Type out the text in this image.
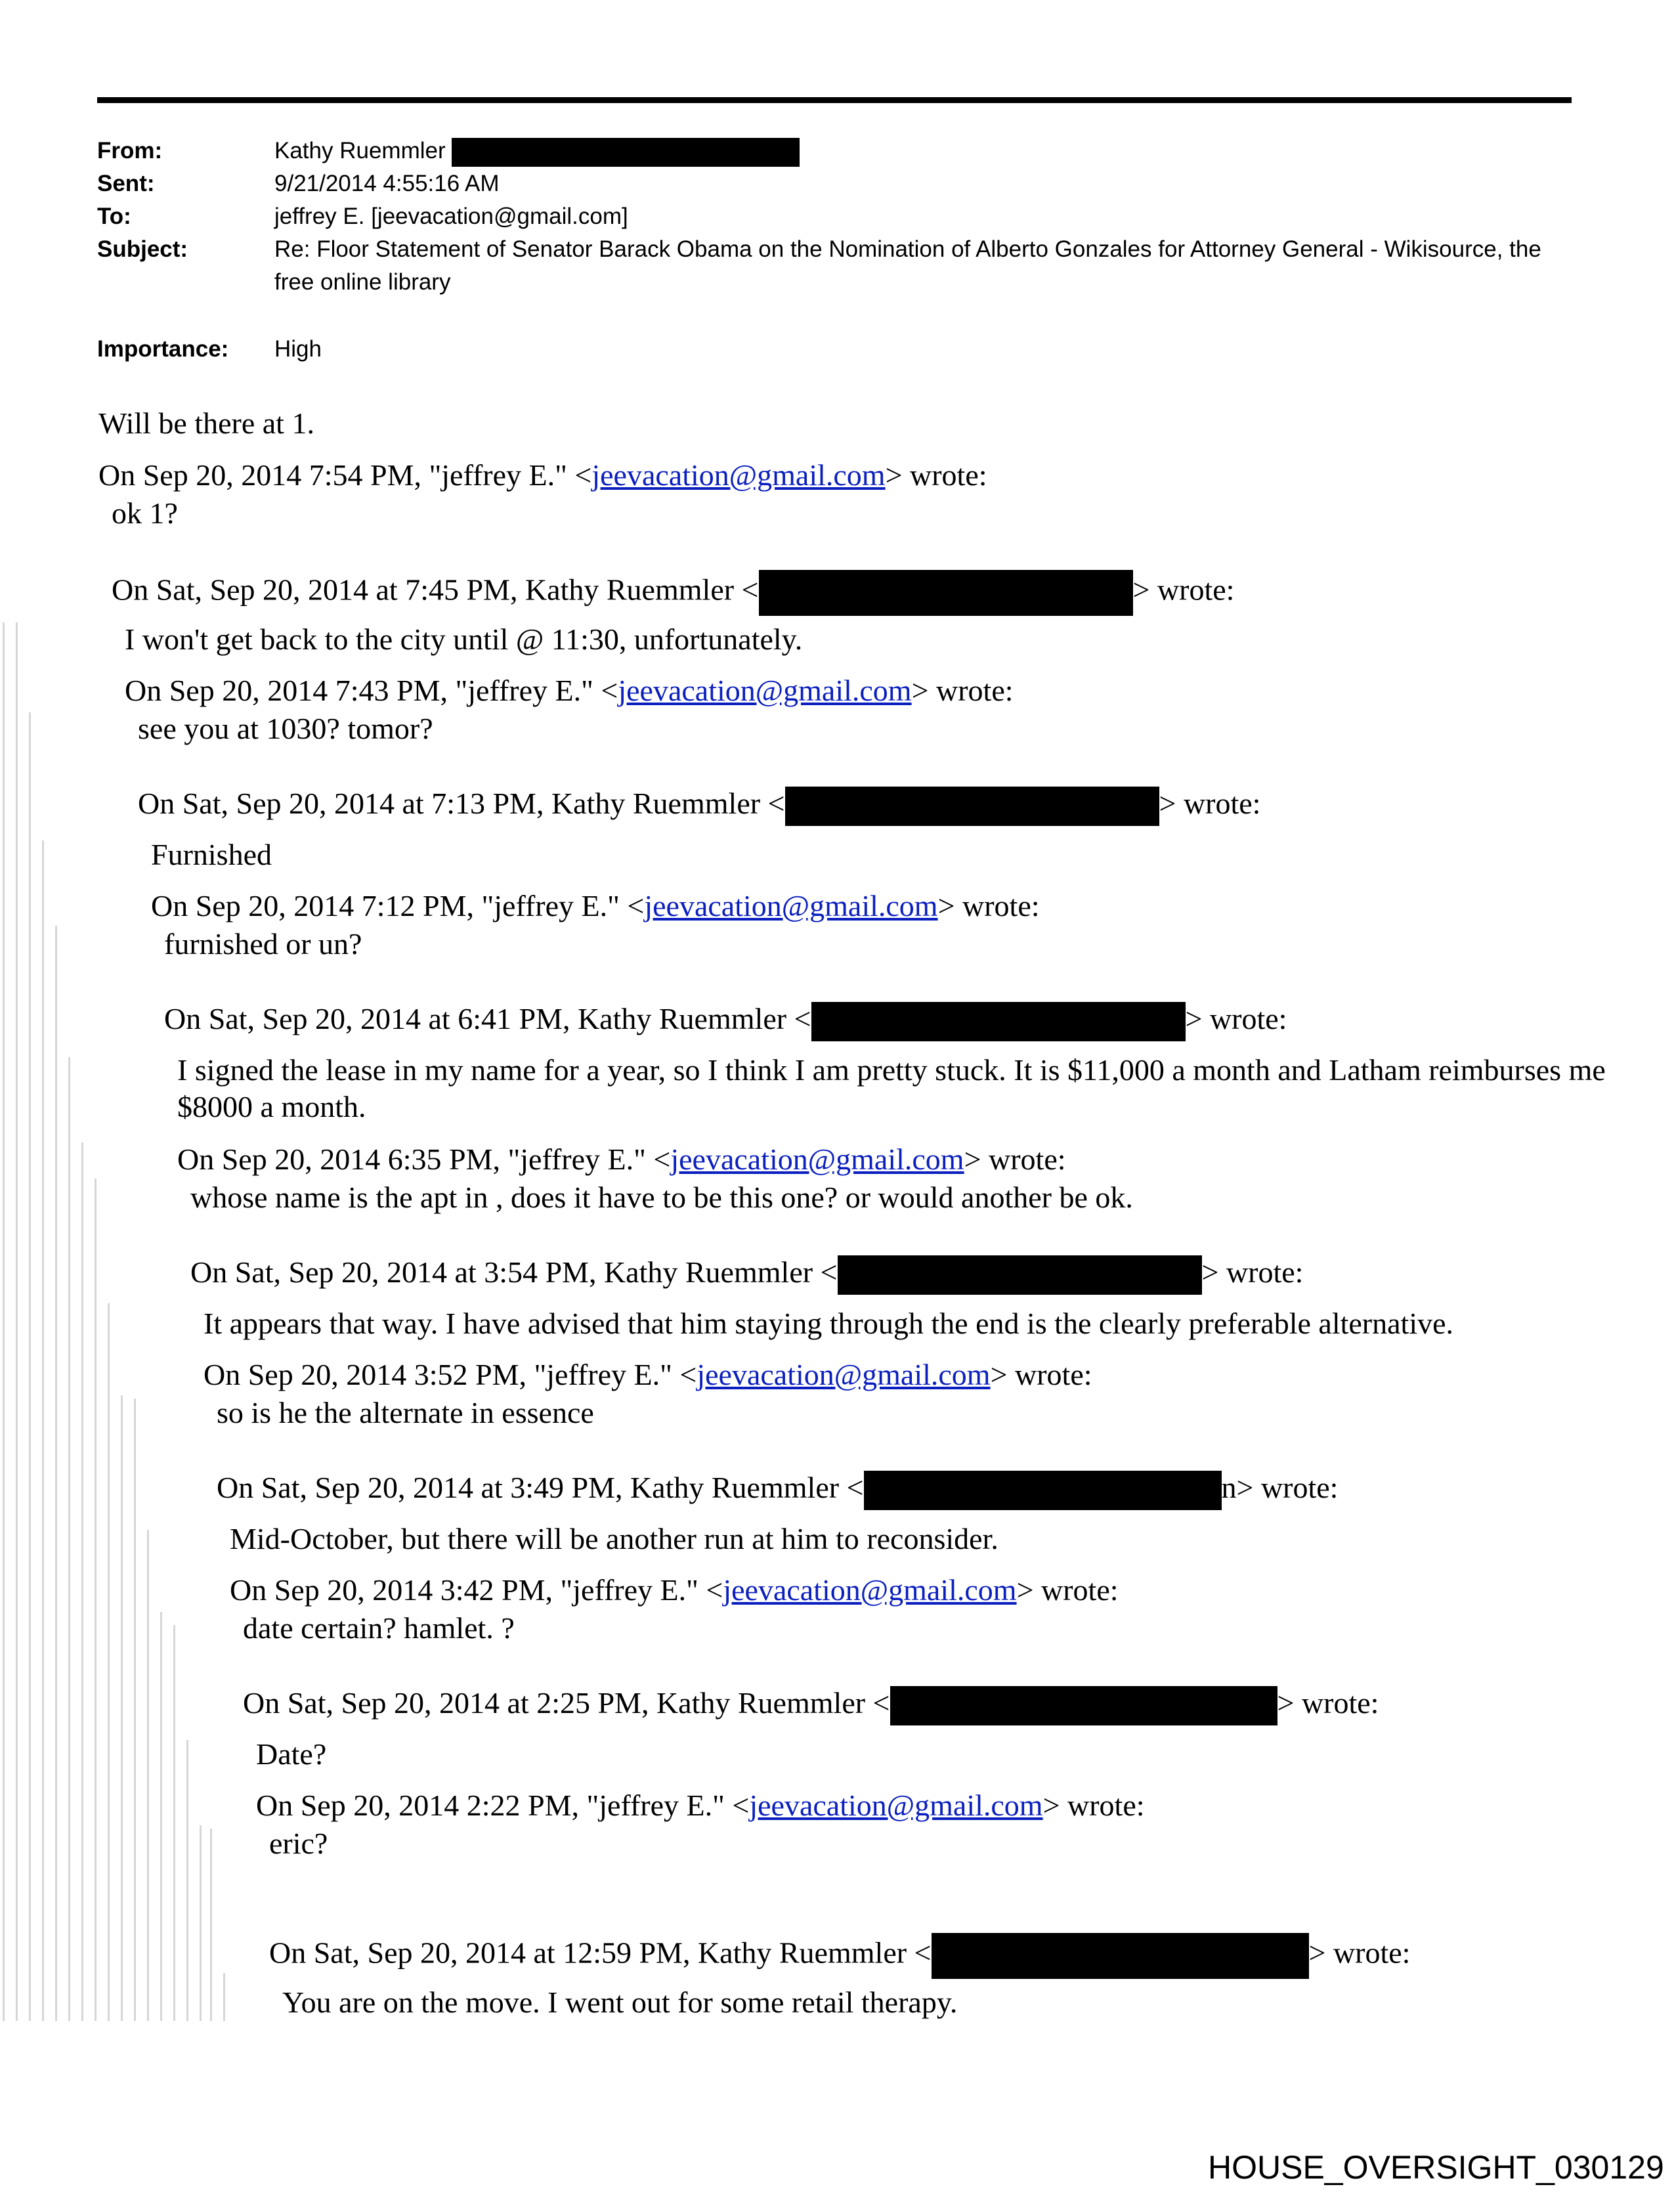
From:	Kathy Ruemmler
Sent:	9/21/2014 4:55:16 AM
To:	jeffrey E. [jeevacation@gmail.com]
Subject:	Re: Floor Statement of Senator Barack Obama on the Nomination of Alberto Gonzales for Attorney General - Wikisource, the free online library
Importance:	High
Will be there at 1.
On Sep 20, 2014 7:54 PM, "jeffrey E." <jeevacation@gmail.com> wrote:
ok 1?
On Sat, Sep 20, 2014 at 7:45 PM, Kathy Ruemmler <	> wrote:
I won't get back to the city until @ 11:30, unfortunately.
On Sep 20, 2014 7:43 PM, "jeffrey E." <jeevacation@gmail.com> wrote:
see you at 1030? tomor?
On Sat, Sep 20, 2014 at 7:13 PM, Kathy Ruemmler <	> wrote:
Furnished
On Sep 20, 2014 7:12 PM, "jeffrey E." <jeevacation@gmail.com> wrote:
furnished or un?
On Sat, Sep 20, 2014 at 6:41 PM, Kathy Ruemmler <	> wrote:
I signed the lease in my name for a year, so I think I am pretty stuck. It is $11,000 a month and Latham reimburses me $8000 a month.
On Sep 20, 2014 6:35 PM, "jeffrey E." <jeevacation@gmail.com> wrote:
whose name is the apt in , does it have to be this one? or would another be ok.
On Sat, Sep 20, 2014 at 3:54 PM, Kathy Ruemmler <	> wrote:
It appears that way. I have advised that him staying through the end is the clearly preferable alternative.
On Sep 20, 2014 3:52 PM, "jeffrey E." <jeevacation@gmail.com> wrote:
so is he the alternate in essence
On Sat, Sep 20, 2014 at 3:49 PM, Kathy Ruemmler <	n> wrote:
Mid-October, but there will be another run at him to reconsider.
On Sep 20, 2014 3:42 PM, "jeffrey E." <jeevacation@gmail.com> wrote:
date certain? hamlet. ?
On Sat, Sep 20, 2014 at 2:25 PM, Kathy Ruemmler <	> wrote:
Date?
On Sep 20, 2014 2:22 PM, "jeffrey E." <jeevacation@gmail.com> wrote:
eric?
On Sat, Sep 20, 2014 at 12:59 PM, Kathy Ruemmler <	> wrote:
You are on the move. I went out for some retail therapy.
HOUSE_OVERSIGHT_030129
